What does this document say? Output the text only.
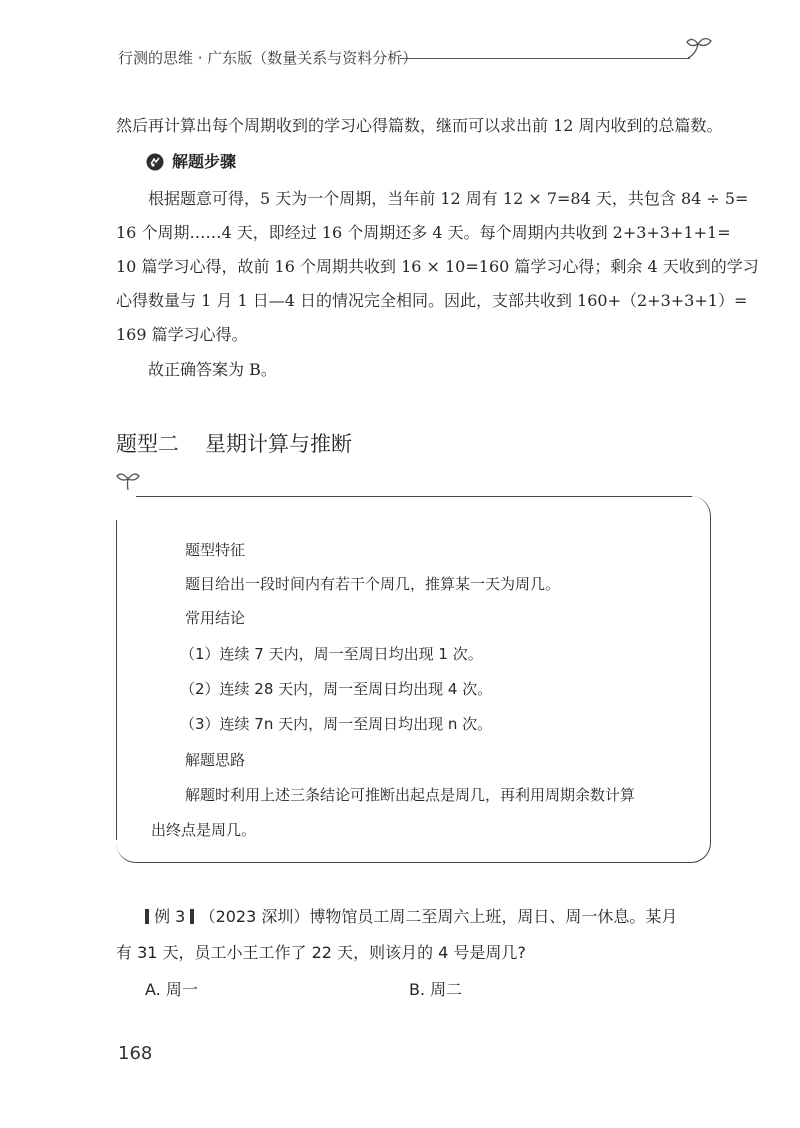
行测的思维 · 广东版（数量关系与资料分析）
然后再计算出每个周期收到的学习心得篇数，继而可以求出前 12 周内收到的总篇数。
解题步骤
根据题意可得，5 天为一个周期，当年前 12 周有 12 × 7=84 天，共包含 84 ÷ 5=
16 个周期……4 天，即经过 16 个周期还多 4 天。每个周期内共收到 2+3+3+1+1=
10 篇学习心得，故前 16 个周期共收到 16 × 10=160 篇学习心得；剩余 4 天收到的学习
心得数量与 1 月 1 日—4 日的情况完全相同。因此，支部共收到 160+（2+3+3+1）=
169 篇学习心得。
故正确答案为 B。
题型二 星期计算与推断
题型特征
题目给出一段时间内有若干个周几，推算某一天为周几。
常用结论
（1）连续 7 天内，周一至周日均出现 1 次。
（2）连续 28 天内，周一至周日均出现 4 次。
（3）连续 7n 天内，周一至周日均出现 n 次。
解题思路
解题时利用上述三条结论可推断出起点是周几，再利用周期余数计算
出终点是周几。
例 3 （2023 深圳）博物馆员工周二至周六上班，周日、周一休息。某月
有 31 天，员工小王工作了 22 天，则该月的 4 号是周几?
A. 周一	B. 周二
168
